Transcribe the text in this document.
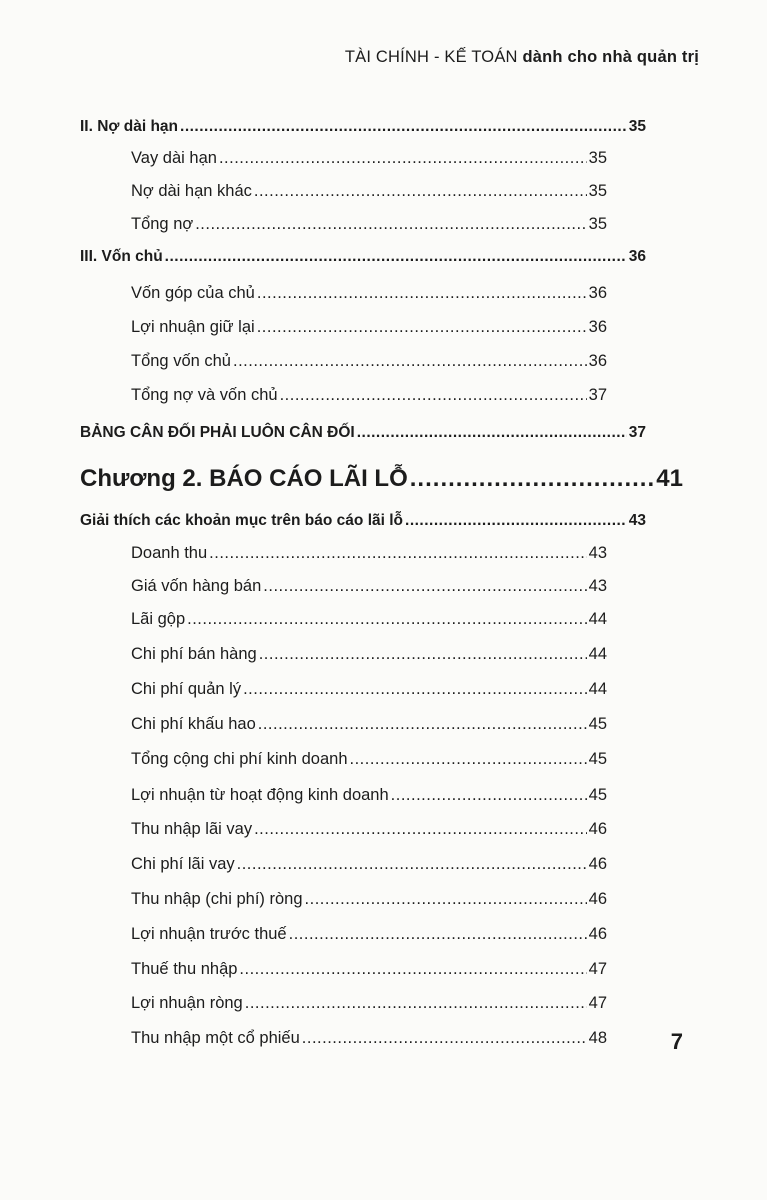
TÀI CHÍNH - KẾ TOÁN dành cho nhà quản trị
II. Nợ dài hạn .....	35
Vay dài hạn .....	35
Nợ dài hạn khác .....	35
Tổng nợ .....	35
III. Vốn chủ .....	36
Vốn góp của chủ .....	36
Lợi nhuận giữ lại .....	36
Tổng vốn chủ .....	36
Tổng nợ và vốn chủ .....	37
BẢNG CÂN ĐỐI PHẢI LUÔN CÂN ĐỐI .....	37
Chương 2. BÁO CÁO LÃI LỖ .....	41
Giải thích các khoản mục trên báo cáo lãi lỗ .....	43
Doanh thu .....	43
Giá vốn hàng bán .....	43
Lãi gộp .....	44
Chi phí bán hàng .....	44
Chi phí quản lý .....	44
Chi phí khấu hao .....	45
Tổng cộng chi phí kinh doanh .....	45
Lợi nhuận từ hoạt động kinh doanh .....	45
Thu nhập lãi vay .....	46
Chi phí lãi vay .....	46
Thu nhập (chi phí) ròng .....	46
Lợi nhuận trước thuế .....	46
Thuế thu nhập .....	47
Lợi nhuận ròng .....	47
Thu nhập một cổ phiếu .....	48	7
